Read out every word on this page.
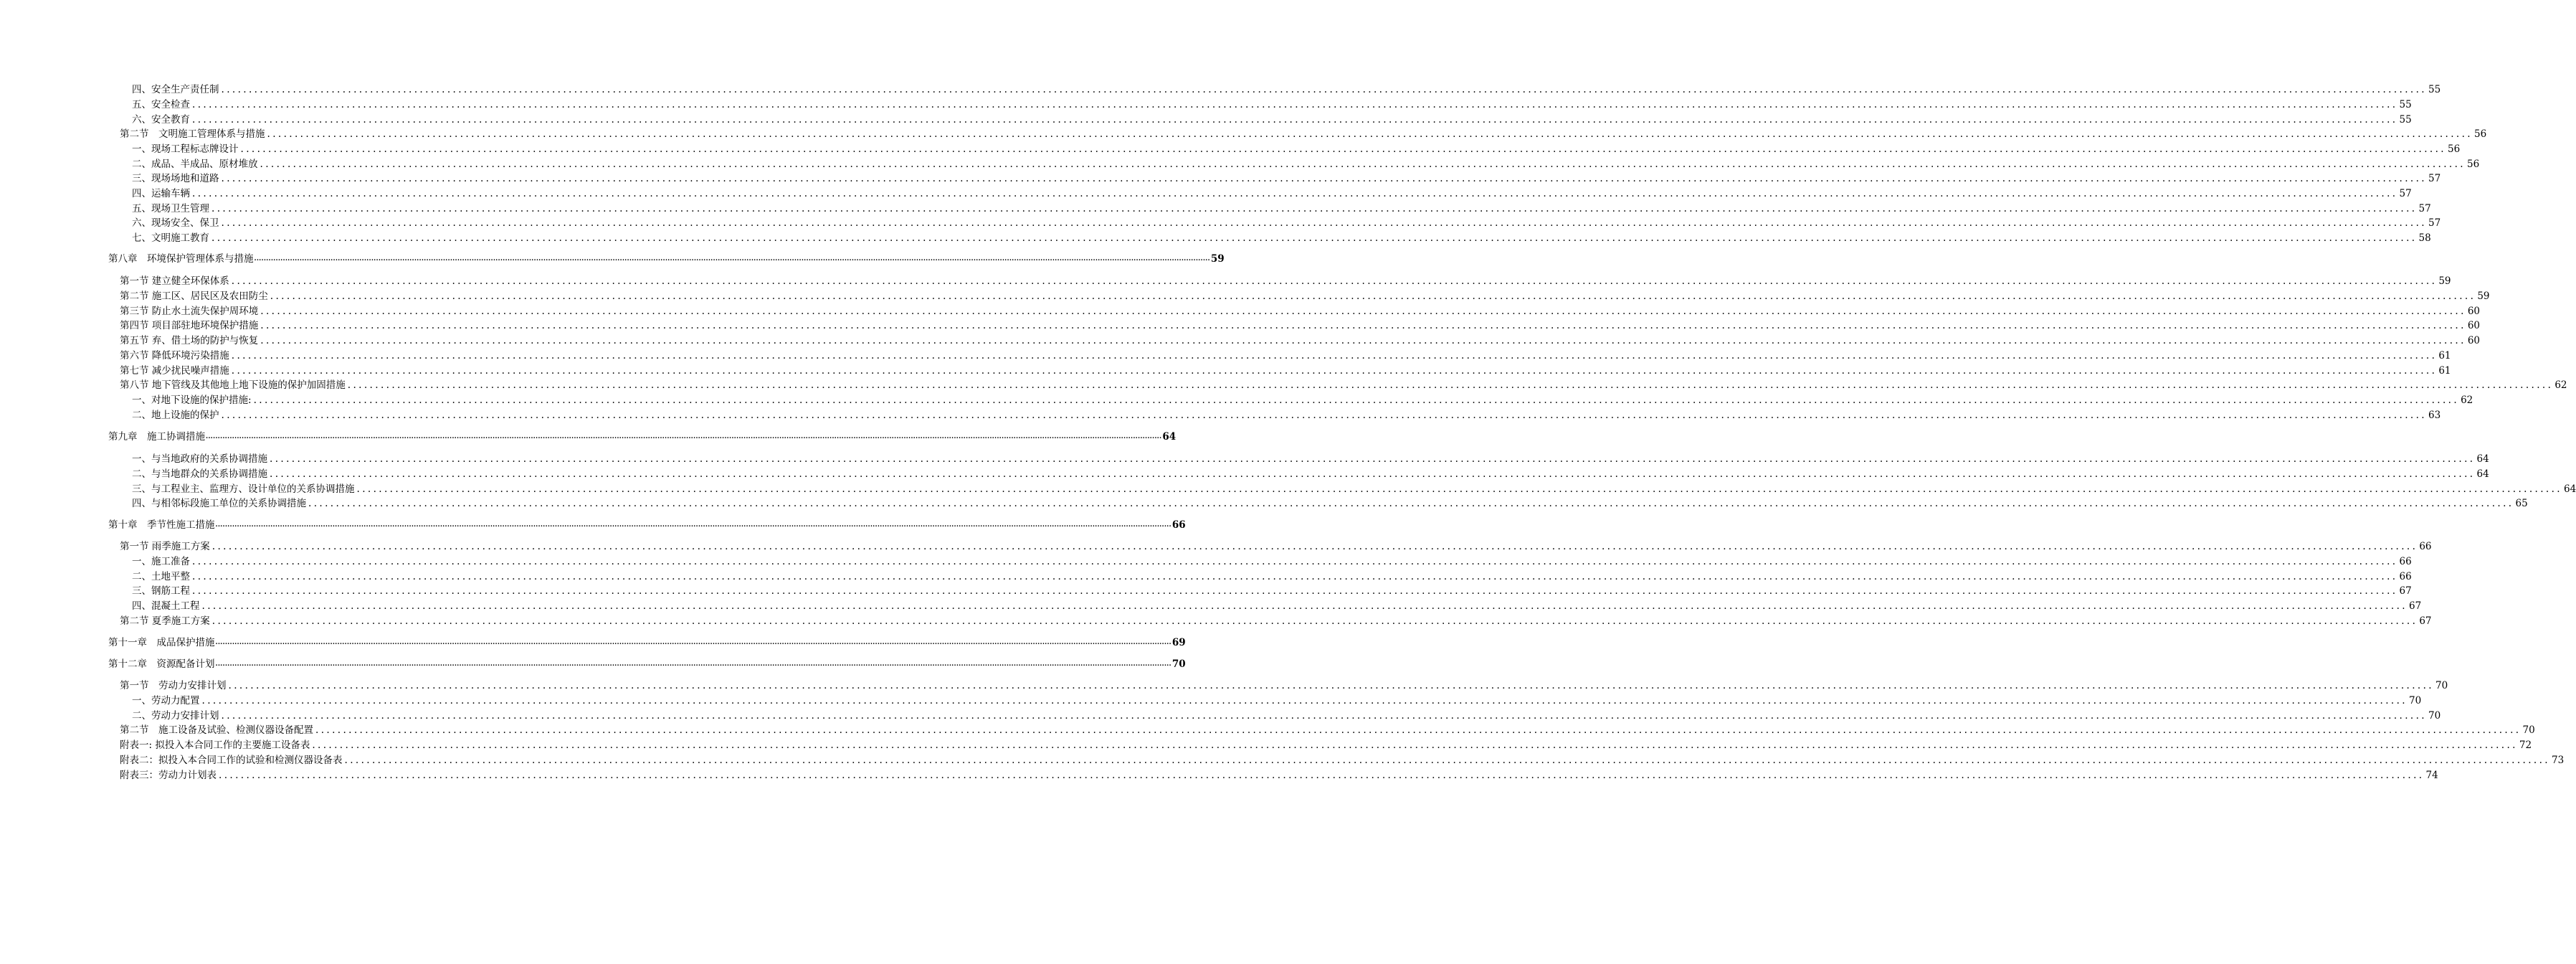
四、安全生产责任制 ................................................................................................................................................................................................................................................................................................................................................................................................................ 55
五、安全检查 ................................................................................................................................................................................................................................................................................................................................................................................................................ 55
六、安全教育 ................................................................................................................................................................................................................................................................................................................................................................................................................ 55
第二节　文明施工管理体系与措施 ................................................................................................................................................................................................................................................................................................................................................................................................................ 56
一、现场工程标志牌设计 ................................................................................................................................................................................................................................................................................................................................................................................................................ 56
二、成品、半成品、原材堆放 ................................................................................................................................................................................................................................................................................................................................................................................................................ 56
三、现场场地和道路 ................................................................................................................................................................................................................................................................................................................................................................................................................ 57
四、运输车辆 ................................................................................................................................................................................................................................................................................................................................................................................................................ 57
五、现场卫生管理 ................................................................................................................................................................................................................................................................................................................................................................................................................ 57
六、现场安全、保卫 ................................................................................................................................................................................................................................................................................................................................................................................................................ 57
七、文明施工教育 ................................................................................................................................................................................................................................................................................................................................................................................................................ 58
第八章　环境保护管理体系与措施 ................................................................................................................................................................................................................................................................................................................................................................................................................ 59
第一节 建立健全环保体系 ................................................................................................................................................................................................................................................................................................................................................................................................................ 59
第二节 施工区、居民区及农田防尘 ................................................................................................................................................................................................................................................................................................................................................................................................................ 59
第三节 防止水土流失保护周环境 ................................................................................................................................................................................................................................................................................................................................................................................................................ 60
第四节 项目部驻地环境保护措施 ................................................................................................................................................................................................................................................................................................................................................................................................................ 60
第五节 弃、借土场的防护与恢复 ................................................................................................................................................................................................................................................................................................................................................................................................................ 60
第六节 降低环境污染措施 ................................................................................................................................................................................................................................................................................................................................................................................................................ 61
第七节 减少扰民噪声措施 ................................................................................................................................................................................................................................................................................................................................................................................................................ 61
第八节 地下管线及其他地上地下设施的保护加固措施 ................................................................................................................................................................................................................................................................................................................................................................................................................ 62
一、对地下设施的保护措施: ................................................................................................................................................................................................................................................................................................................................................................................................................ 62
二、地上设施的保护 ................................................................................................................................................................................................................................................................................................................................................................................................................ 63
第九章　施工协调措施 ................................................................................................................................................................................................................................................................................................................................................................................................................ 64
一、与当地政府的关系协调措施 ................................................................................................................................................................................................................................................................................................................................................................................................................ 64
二、与当地群众的关系协调措施 ................................................................................................................................................................................................................................................................................................................................................................................................................ 64
三、与工程业主、监理方、设计单位的关系协调措施 ................................................................................................................................................................................................................................................................................................................................................................................................................ 64
四、与相邻标段施工单位的关系协调措施 ................................................................................................................................................................................................................................................................................................................................................................................................................ 65
第十章　季节性施工措施 ................................................................................................................................................................................................................................................................................................................................................................................................................ 66
第一节 雨季施工方案 ................................................................................................................................................................................................................................................................................................................................................................................................................ 66
一、施工准备 ................................................................................................................................................................................................................................................................................................................................................................................................................ 66
二、土地平整 ................................................................................................................................................................................................................................................................................................................................................................................................................ 66
三、钢筋工程 ................................................................................................................................................................................................................................................................................................................................................................................................................ 67
四、混凝土工程 ................................................................................................................................................................................................................................................................................................................................................................................................................ 67
第二节 夏季施工方案 ................................................................................................................................................................................................................................................................................................................................................................................................................ 67
第十一章　成品保护措施 ................................................................................................................................................................................................................................................................................................................................................................................................................ 69
第十二章　资源配备计划 ................................................................................................................................................................................................................................................................................................................................................................................................................ 70
第一节　劳动力安排计划 ................................................................................................................................................................................................................................................................................................................................................................................................................ 70
一、劳动力配置 ................................................................................................................................................................................................................................................................................................................................................................................................................ 70
二、劳动力安排计划 ................................................................................................................................................................................................................................................................................................................................................................................................................ 70
第二节　施工设备及试验、检测仪器设备配置 ................................................................................................................................................................................................................................................................................................................................................................................................................ 70
附表一: 拟投入本合同工作的主要施工设备表 ................................................................................................................................................................................................................................................................................................................................................................................................................ 72
附表二：拟投入本合同工作的试验和检测仪器设备表 ................................................................................................................................................................................................................................................................................................................................................................................................................ 73
附表三：劳动力计划表 ................................................................................................................................................................................................................................................................................................................................................................................................................ 74
